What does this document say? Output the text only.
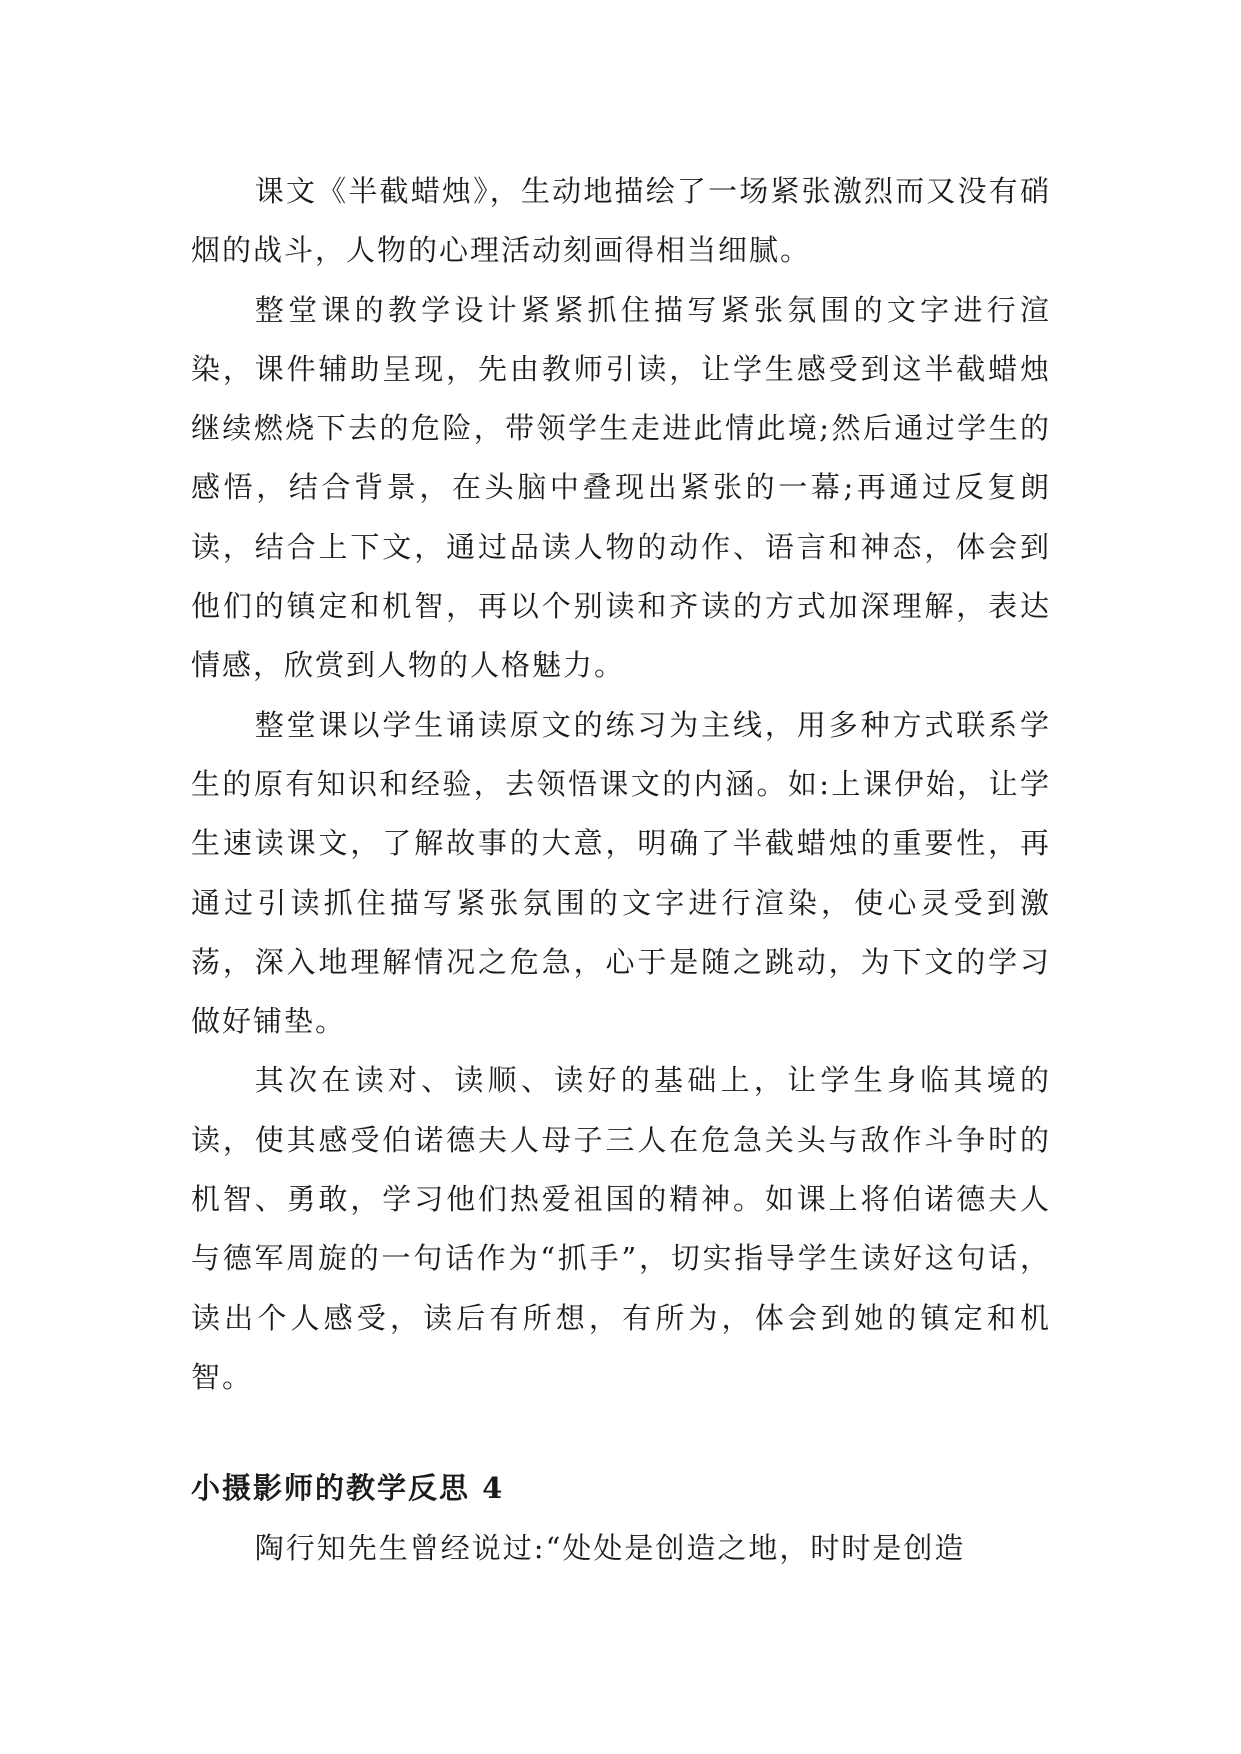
课文《半截蜡烛》，生动地描绘了一场紧张激烈而又没有硝烟的战斗，人物的心理活动刻画得相当细腻。

整堂课的教学设计紧紧抓住描写紧张氛围的文字进行渲染，课件辅助呈现，先由教师引读，让学生感受到这半截蜡烛继续燃烧下去的危险，带领学生走进此情此境;然后通过学生的感悟，结合背景，在头脑中叠现出紧张的一幕;再通过反复朗读，结合上下文，通过品读人物的动作、语言和神态，体会到他们的镇定和机智，再以个别读和齐读的方式加深理解，表达情感，欣赏到人物的人格魅力。

整堂课以学生诵读原文的练习为主线，用多种方式联系学生的原有知识和经验，去领悟课文的内涵。如:上课伊始，让学生速读课文，了解故事的大意，明确了半截蜡烛的重要性，再通过引读抓住描写紧张氛围的文字进行渲染，使心灵受到激荡，深入地理解情况之危急，心于是随之跳动，为下文的学习做好铺垫。

其次在读对、读顺、读好的基础上，让学生身临其境的读，使其感受伯诺德夫人母子三人在危急关头与敌作斗争时的机智、勇敢，学习他们热爱祖国的精神。如课上将伯诺德夫人与德军周旋的一句话作为“抓手”，切实指导学生读好这句话，读出个人感受，读后有所想，有所为，体会到她的镇定和机智。

小摄影师的教学反思 4

陶行知先生曾经说过:“处处是创造之地，时时是创造
